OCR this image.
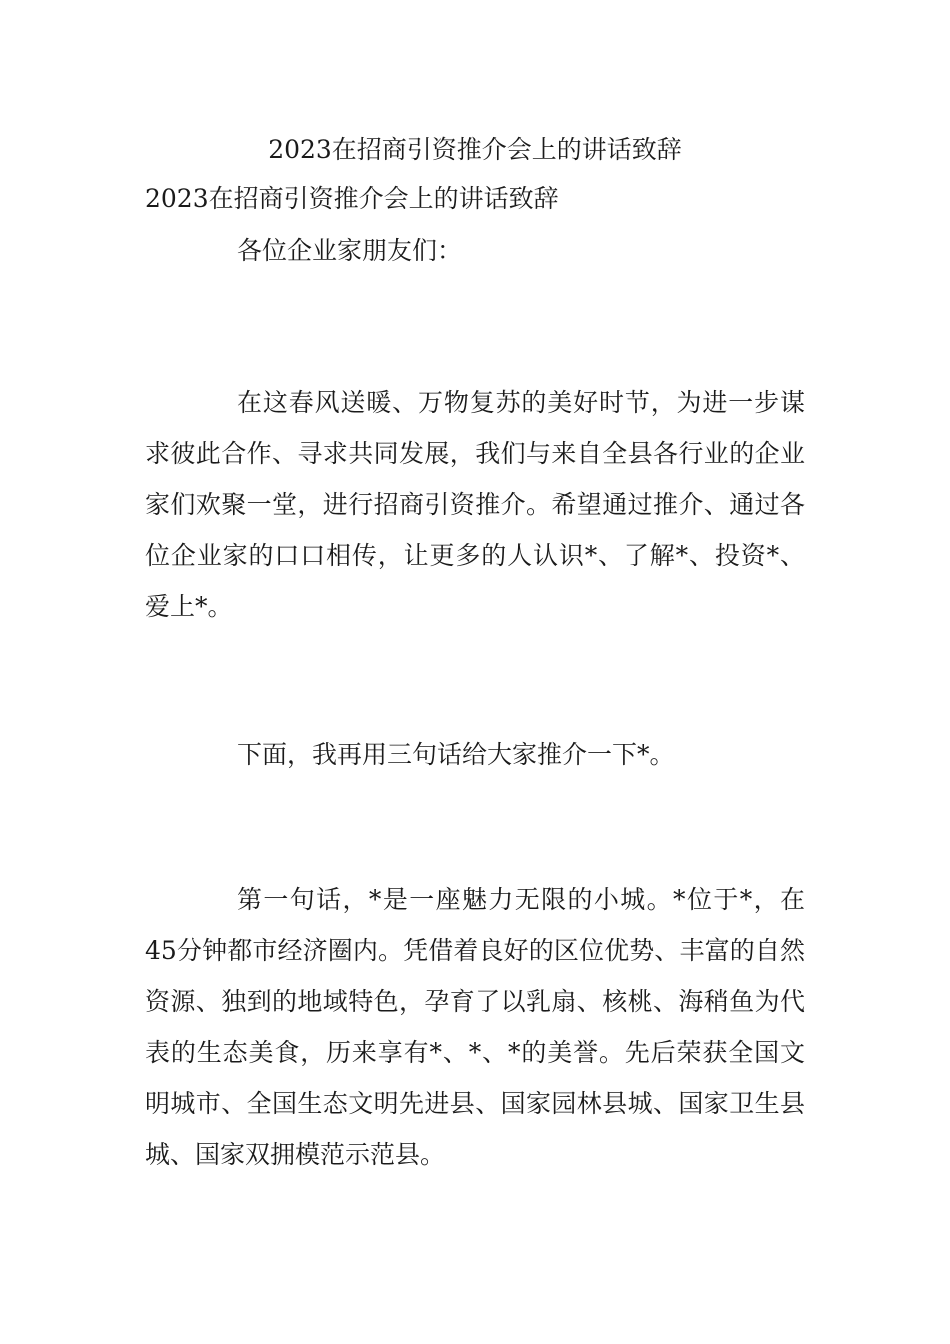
2023在招商引资推介会上的讲话致辞
2023在招商引资推介会上的讲话致辞
各位企业家朋友们：

在这春风送暖、万物复苏的美好时节，为进一步谋求彼此合作、寻求共同发展，我们与来自全县各行业的企业家们欢聚一堂，进行招商引资推介。希望通过推介、通过各位企业家的口口相传，让更多的人认识*、了解*、投资*、爱上*。

下面，我再用三句话给大家推介一下*。

第一句话，*是一座魅力无限的小城。*位于*，在45分钟都市经济圈内。凭借着良好的区位优势、丰富的自然资源、独到的地域特色，孕育了以乳扇、核桃、海稍鱼为代表的生态美食，历来享有*、*、*的美誉。先后荣获全国文明城市、全国生态文明先进县、国家园林县城、国家卫生县城、国家双拥模范示范县。
